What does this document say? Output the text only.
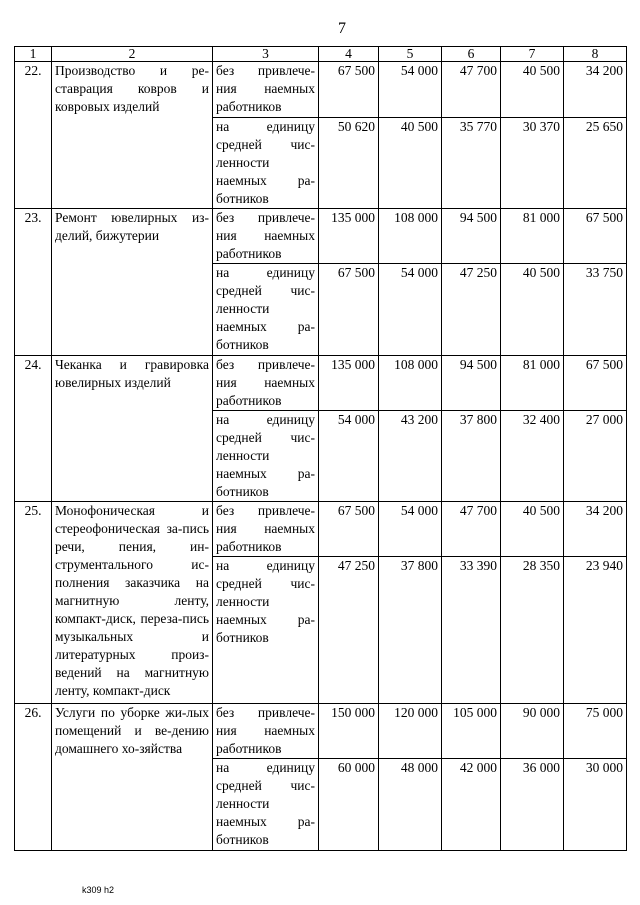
7
1	2	3	4	5	6	7	8
22.	Производство и ре-ставрация ковров и ковровых изделий	без привлече-ния наемных работников	67 500	54 000	47 700	40 500	34 200
		на единицу средней чис-ленности наемных ра-ботников	50 620	40 500	35 770	30 370	25 650
23.	Ремонт ювелирных из-делий, бижутерии	без привлече-ния наемных работников	135 000	108 000	94 500	81 000	67 500
		на единицу средней чис-ленности наемных ра-ботников	67 500	54 000	47 250	40 500	33 750
24.	Чеканка и гравировка ювелирных изделий	без привлече-ния наемных работников	135 000	108 000	94 500	81 000	67 500
		на единицу средней чис-ленности наемных ра-ботников	54 000	43 200	37 800	32 400	27 000
25.	Монофоническая и стереофоническая за-пись речи, пения, ин-струментального ис-полнения заказчика на магнитную ленту, компакт-диск, переза-пись музыкальных и литературных произ-ведений на магнитную ленту, компакт-диск	без привлече-ния наемных работников	67 500	54 000	47 700	40 500	34 200
		на единицу средней чис-ленности наемных ра-ботников	47 250	37 800	33 390	28 350	23 940
26.	Услуги по уборке жи-лых помещений и ве-дению домашнего хо-зяйства	без привлече-ния наемных работников	150 000	120 000	105 000	90 000	75 000
		на единицу средней чис-ленности наемных ра-ботников	60 000	48 000	42 000	36 000	30 000
k309 h2
